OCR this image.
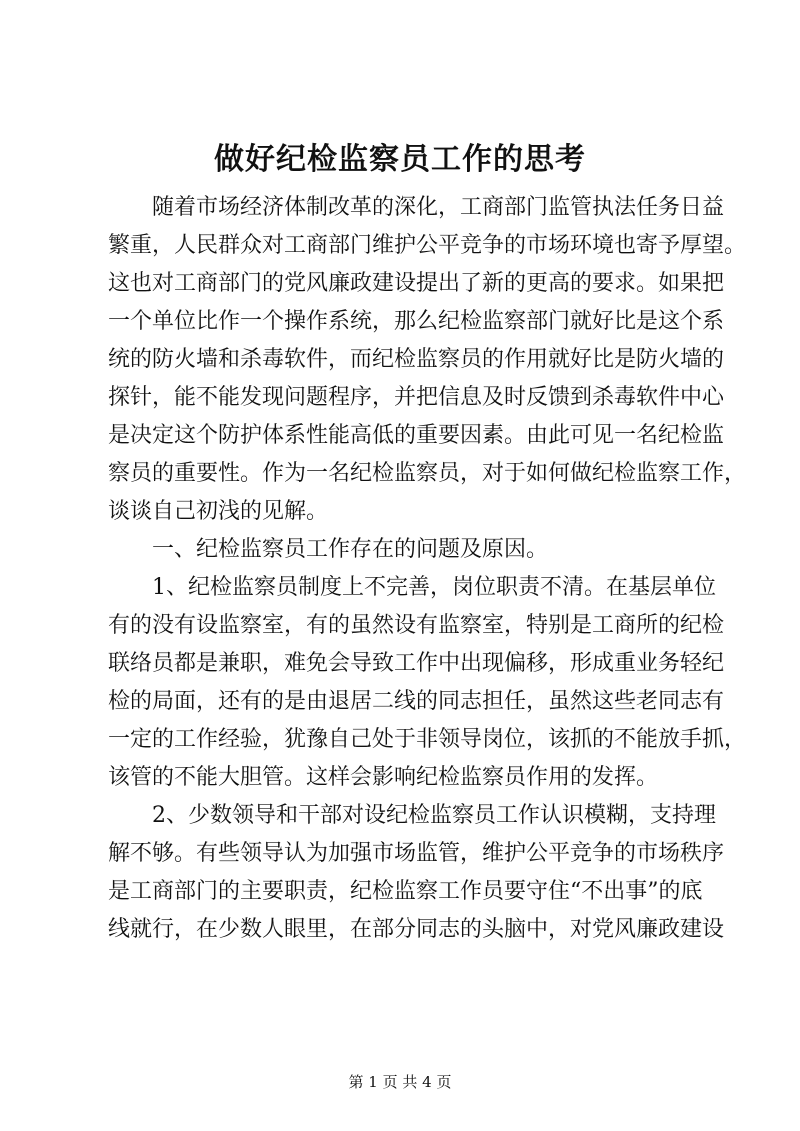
做好纪检监察员工作的思考
　　随着市场经济体制改革的深化，工商部门监管执法任务日益
繁重，人民群众对工商部门维护公平竞争的市场环境也寄予厚望。
这也对工商部门的党风廉政建设提出了新的更高的要求。如果把
一个单位比作一个操作系统，那么纪检监察部门就好比是这个系
统的防火墙和杀毒软件，而纪检监察员的作用就好比是防火墙的
探针，能不能发现问题程序，并把信息及时反馈到杀毒软件中心
是决定这个防护体系性能高低的重要因素。由此可见一名纪检监
察员的重要性。作为一名纪检监察员，对于如何做纪检监察工作，
谈谈自己初浅的见解。
　　一、纪检监察员工作存在的问题及原因。
　　1、纪检监察员制度上不完善，岗位职责不清。在基层单位
有的没有设监察室，有的虽然设有监察室，特别是工商所的纪检
联络员都是兼职，难免会导致工作中出现偏移，形成重业务轻纪
检的局面，还有的是由退居二线的同志担任，虽然这些老同志有
一定的工作经验，犹豫自己处于非领导岗位，该抓的不能放手抓，
该管的不能大胆管。这样会影响纪检监察员作用的发挥。
　　2、少数领导和干部对设纪检监察员工作认识模糊，支持理
解不够。有些领导认为加强市场监管，维护公平竞争的市场秩序
是工商部门的主要职责，纪检监察工作员要守住“不出事”的底
线就行，在少数人眼里，在部分同志的头脑中，对党风廉政建设
第 1 页 共 4 页
